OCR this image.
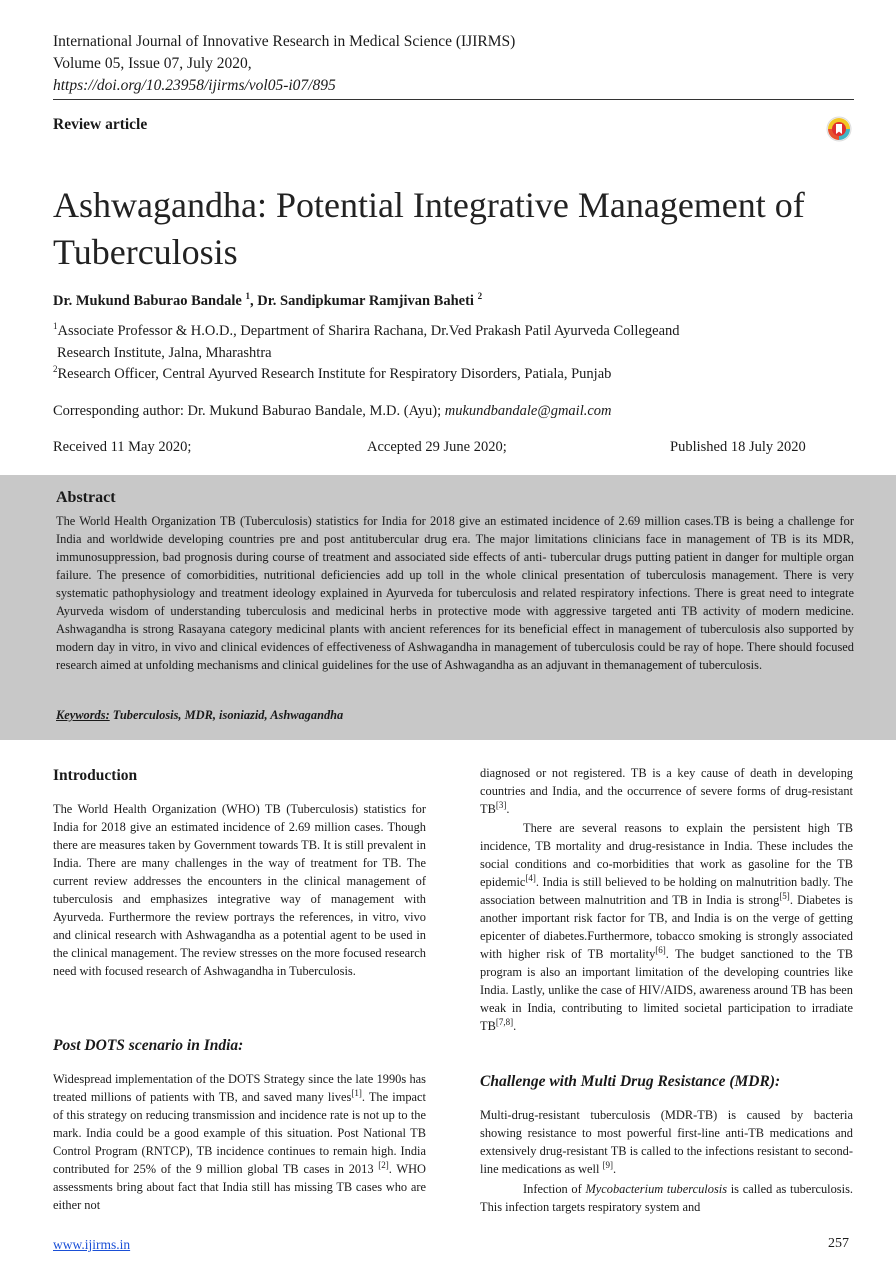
International Journal of Innovative Research in Medical Science (IJIRMS)
Volume 05, Issue 07, July 2020,
https://doi.org/10.23958/ijirms/vol05-i07/895
Review article
Ashwagandha: Potential Integrative Management of Tuberculosis
Dr. Mukund Baburao Bandale $^1$, Dr. Sandipkumar Ramjivan Baheti $^2$
$^1$Associate Professor & H.O.D., Department of Sharira Rachana, Dr.Ved Prakash Patil Ayurveda Collegeand
Research Institute, Jalna, Mharashtra
$^2$Research Officer, Central Ayurved Research Institute for Respiratory Disorders, Patiala, Punjab
Corresponding author: Dr. Mukund Baburao Bandale, M.D. (Ayu); mukundbandale@gmail.com
Received 11 May 2020;	Accepted 29 June 2020;	Published 18 July 2020
Abstract
The World Health Organization TB (Tuberculosis) statistics for India for 2018 give an estimated incidence of 2.69 million cases.TB is being a challenge for India and worldwide developing countries pre and post antitubercular drug era. The major limitations clinicians face in management of TB is its MDR, immunosuppression, bad prognosis during course of treatment and associated side effects of anti- tubercular drugs putting patient in danger for multiple organ failure. The presence of comorbidities, nutritional deficiencies add up toll in the whole clinical presentation of tuberculosis management. There is very systematic pathophysiology and treatment ideology explained in Ayurveda for tuberculosis and related respiratory infections. There is great need to integrate Ayurveda wisdom of understanding tuberculosis and medicinal herbs in protective mode with aggressive targeted anti TB activity of modern medicine. Ashwagandha is strong Rasayana category medicinal plants with ancient references for its beneficial effect in management of tuberculosis also supported by modern day in vitro, in vivo and clinical evidences of effectiveness of Ashwagandha in management of tuberculosis could be ray of hope. There should focused research aimed at unfolding mechanisms and clinical guidelines for the use of Ashwagandha as an adjuvant in themanagement of tuberculosis.
Keywords: Tuberculosis, MDR, isoniazid, Ashwagandha
Introduction
The World Health Organization (WHO) TB (Tuberculosis) statistics for India for 2018 give an estimated incidence of 2.69 million cases. Though there are measures taken by Government towards TB. It is still prevalent in India. There are many challenges in the way of treatment for TB. The current review addresses the encounters in the clinical management of tuberculosis and emphasizes integrative way of management with Ayurveda. Furthermore the review portrays the references, in vitro, vivo and clinical research with Ashwagandha as a potential agent to be used in the clinical management. The review stresses on the more focused research need with focused research of Ashwagandha in Tuberculosis.
Post DOTS scenario in India:
Widespread implementation of the DOTS Strategy since the late 1990s has treated millions of patients with TB, and saved many lives[1]. The impact of this strategy on reducing transmission and incidence rate is not up to the mark. India could be a good example of this situation. Post National TB Control Program (RNTCP), TB incidence continues to remain high. India contributed for 25% of the 9 million global TB cases in 2013 [2]. WHO assessments bring about fact that India still has missing TB cases who are either not
diagnosed or not registered. TB is a key cause of death in developing countries and India, and the occurrence of severe forms of drug-resistant TB[3].
There are several reasons to explain the persistent high TB incidence, TB mortality and drug-resistance in India. These includes the social conditions and co-morbidities that work as gasoline for the TB epidemic[4]. India is still believed to be holding on malnutrition badly. The association between malnutrition and TB in India is strong[5]. Diabetes is another important risk factor for TB, and India is on the verge of getting epicenter of diabetes.Furthermore, tobacco smoking is strongly associated with higher risk of TB mortality[6]. The budget sanctioned to the TB program is also an important limitation of the developing countries like India. Lastly, unlike the case of HIV/AIDS, awareness around TB has been weak in India, contributing to limited societal participation to irradiate TB[7,8].
Challenge with Multi Drug Resistance (MDR):
Multi-drug-resistant tuberculosis (MDR-TB) is caused by bacteria showing resistance to most powerful first-line anti-TB medications and extensively drug-resistant TB is called to the infections resistant to second-line medications as well [9].
Infection of Mycobacterium tuberculosis is called as tuberculosis. This infection targets respiratory system and
www.ijirms.in	257
